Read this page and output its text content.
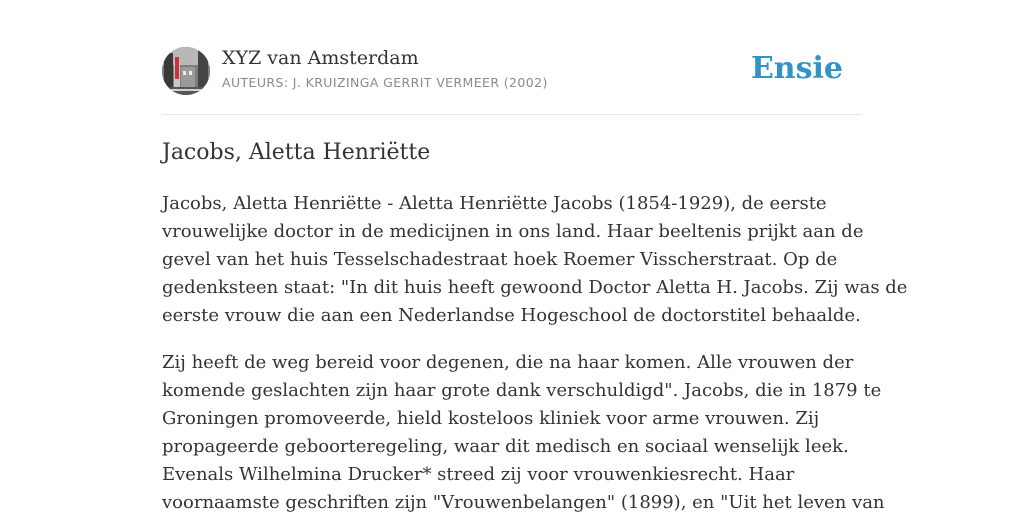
XYZ van Amsterdam
AUTEURS: J. KRUIZINGA GERRIT VERMEER (2002)	Ensie
Jacobs, Aletta Henriëtte

Jacobs, Aletta Henriëtte - Aletta Henriëtte Jacobs (1854-1929), de eerste
vrouwelijke doctor in de medicijnen in ons land. Haar beeltenis prijkt aan de
gevel van het huis Tesselschadestraat hoek Roemer Visscherstraat. Op de
gedenksteen staat: "In dit huis heeft gewoond Doctor Aletta H. Jacobs. Zij was de
eerste vrouw die aan een Nederlandse Hogeschool de doctorstitel behaalde.

Zij heeft de weg bereid voor degenen, die na haar komen. Alle vrouwen der
komende geslachten zijn haar grote dank verschuldigd". Jacobs, die in 1879 te
Groningen promoveerde, hield kosteloos kliniek voor arme vrouwen. Zij
propageerde geboorteregeling, waar dit medisch en sociaal wenselijk leek.
Evenals Wilhelmina Drucker* streed zij voor vrouwenkiesrecht. Haar
voornaamste geschriften zijn "Vrouwenbelangen" (1899), en "Uit het leven van
